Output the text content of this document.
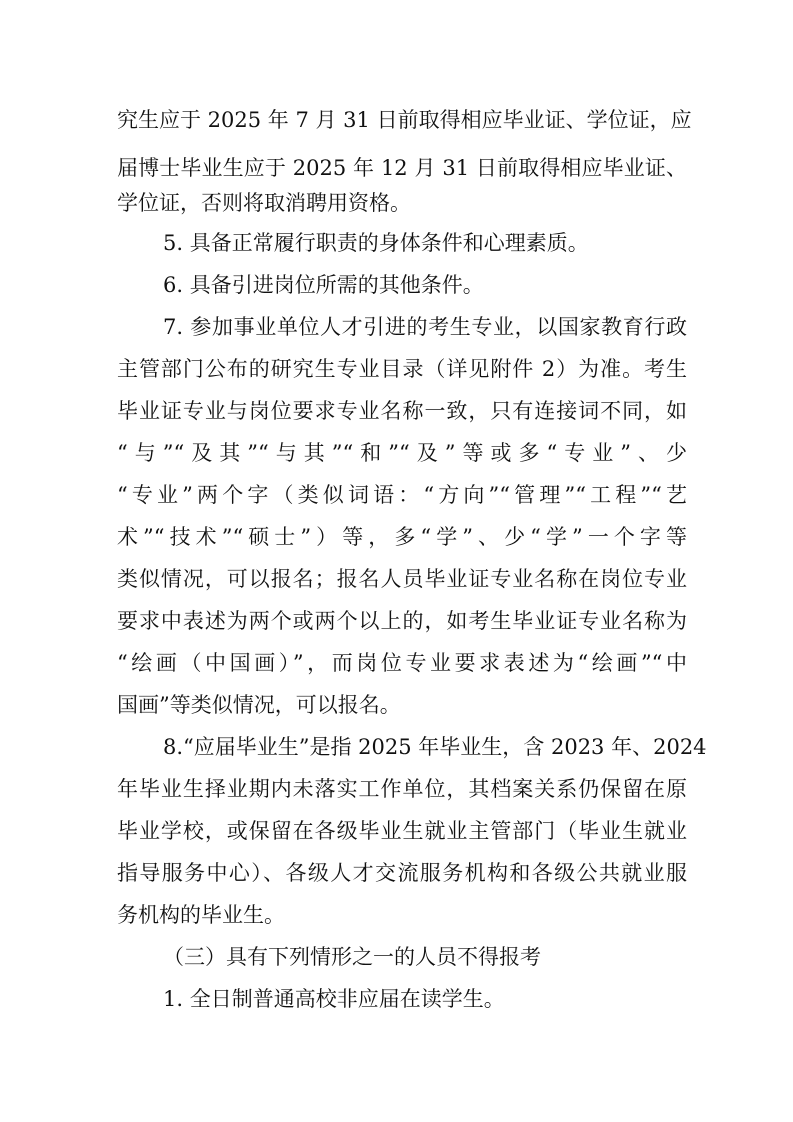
究生应于 2025 年 7 月 31 日前取得相应毕业证、学位证，应
届博士毕业生应于 2025 年 12 月 31 日前取得相应毕业证、
学位证，否则将取消聘用资格。
5. 具备正常履行职责的身体条件和心理素质。
6. 具备引进岗位所需的其他条件。
7. 参加事业单位人才引进的考生专业，以国家教育行政
主管部门公布的研究生专业目录（详见附件 2）为准。考生
毕业证专业与岗位要求专业名称一致，只有连接词不同，如
“与”“及其”“与其”“和”“及”等或多“专业”、少
“专业”两个字（类似词语：“方向”“管理”“工程”“艺
术”“技术”“硕士”）等，多“学”、少“学”一个字等
类似情况，可以报名；报名人员毕业证专业名称在岗位专业
要求中表述为两个或两个以上的，如考生毕业证专业名称为
“绘画（中国画）”，而岗位专业要求表述为“绘画”“中
国画”等类似情况，可以报名。
8.“应届毕业生”是指 2025 年毕业生，含 2023 年、2024
年毕业生择业期内未落实工作单位，其档案关系仍保留在原
毕业学校，或保留在各级毕业生就业主管部门（毕业生就业
指导服务中心）、各级人才交流服务机构和各级公共就业服
务机构的毕业生。
（三）具有下列情形之一的人员不得报考
1. 全日制普通高校非应届在读学生。
